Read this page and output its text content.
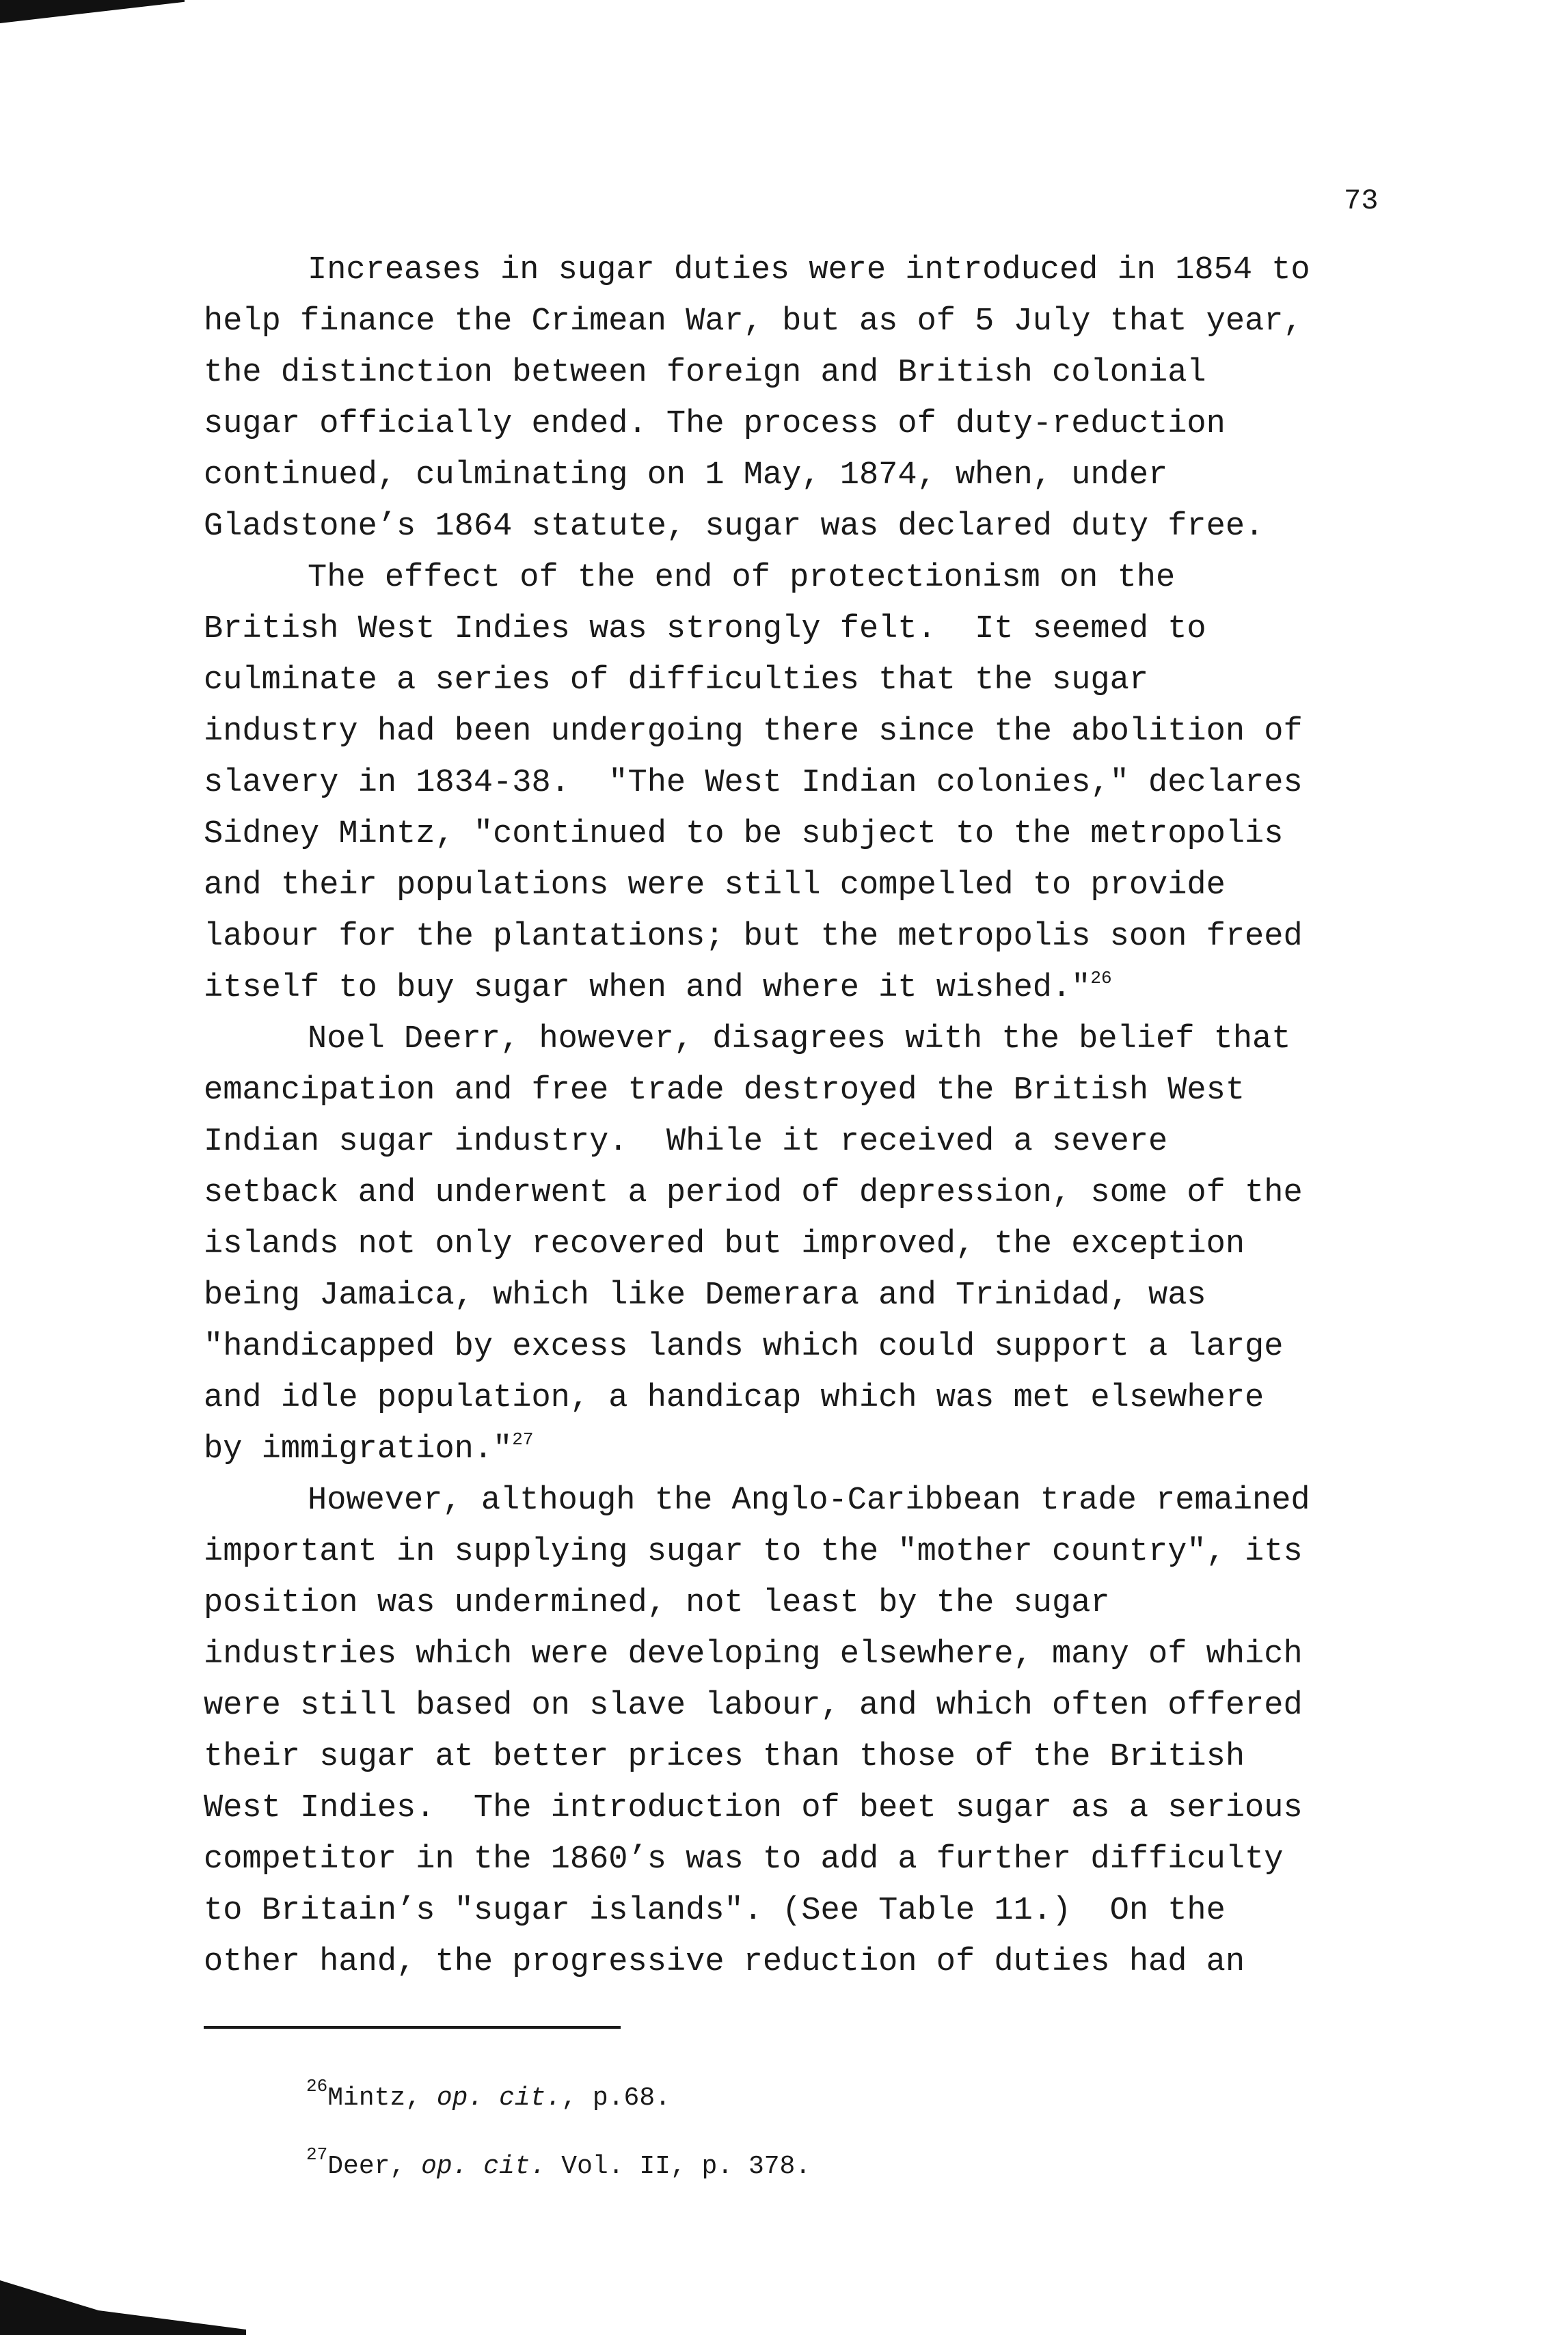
73
Increases in sugar duties were introduced in 1854 to
help finance the Crimean War, but as of 5 July that year,
the distinction between foreign and British colonial
sugar officially ended. The process of duty-reduction
continued, culminating on 1 May, 1874, when, under
Gladstone’s 1864 statute, sugar was declared duty free.
The effect of the end of protectionism on the
British West Indies was strongly felt.  It seemed to
culminate a series of difficulties that the sugar
industry had been undergoing there since the abolition of
slavery in 1834-38.  "The West Indian colonies," declares
Sidney Mintz, "continued to be subject to the metropolis
and their populations were still compelled to provide
labour for the plantations; but the metropolis soon freed
itself to buy sugar when and where it wished."$^{26}$
Noel Deerr, however, disagrees with the belief that
emancipation and free trade destroyed the British West
Indian sugar industry.  While it received a severe
setback and underwent a period of depression, some of the
islands not only recovered but improved, the exception
being Jamaica, which like Demerara and Trinidad, was
"handicapped by excess lands which could support a large
and idle population, a handicap which was met elsewhere
by immigration."$^{27}$
However, although the Anglo-Caribbean trade remained
important in supplying sugar to the "mother country", its
position was undermined, not least by the sugar
industries which were developing elsewhere, many of which
were still based on slave labour, and which often offered
their sugar at better prices than those of the British
West Indies.  The introduction of beet sugar as a serious
competitor in the 1860’s was to add a further difficulty
to Britain’s "sugar islands". (See Table 11.)  On the
other hand, the progressive reduction of duties had an
$^{26}$Mintz, op. cit., p.68.
$^{27}$Deer, op. cit. Vol. II, p. 378.
